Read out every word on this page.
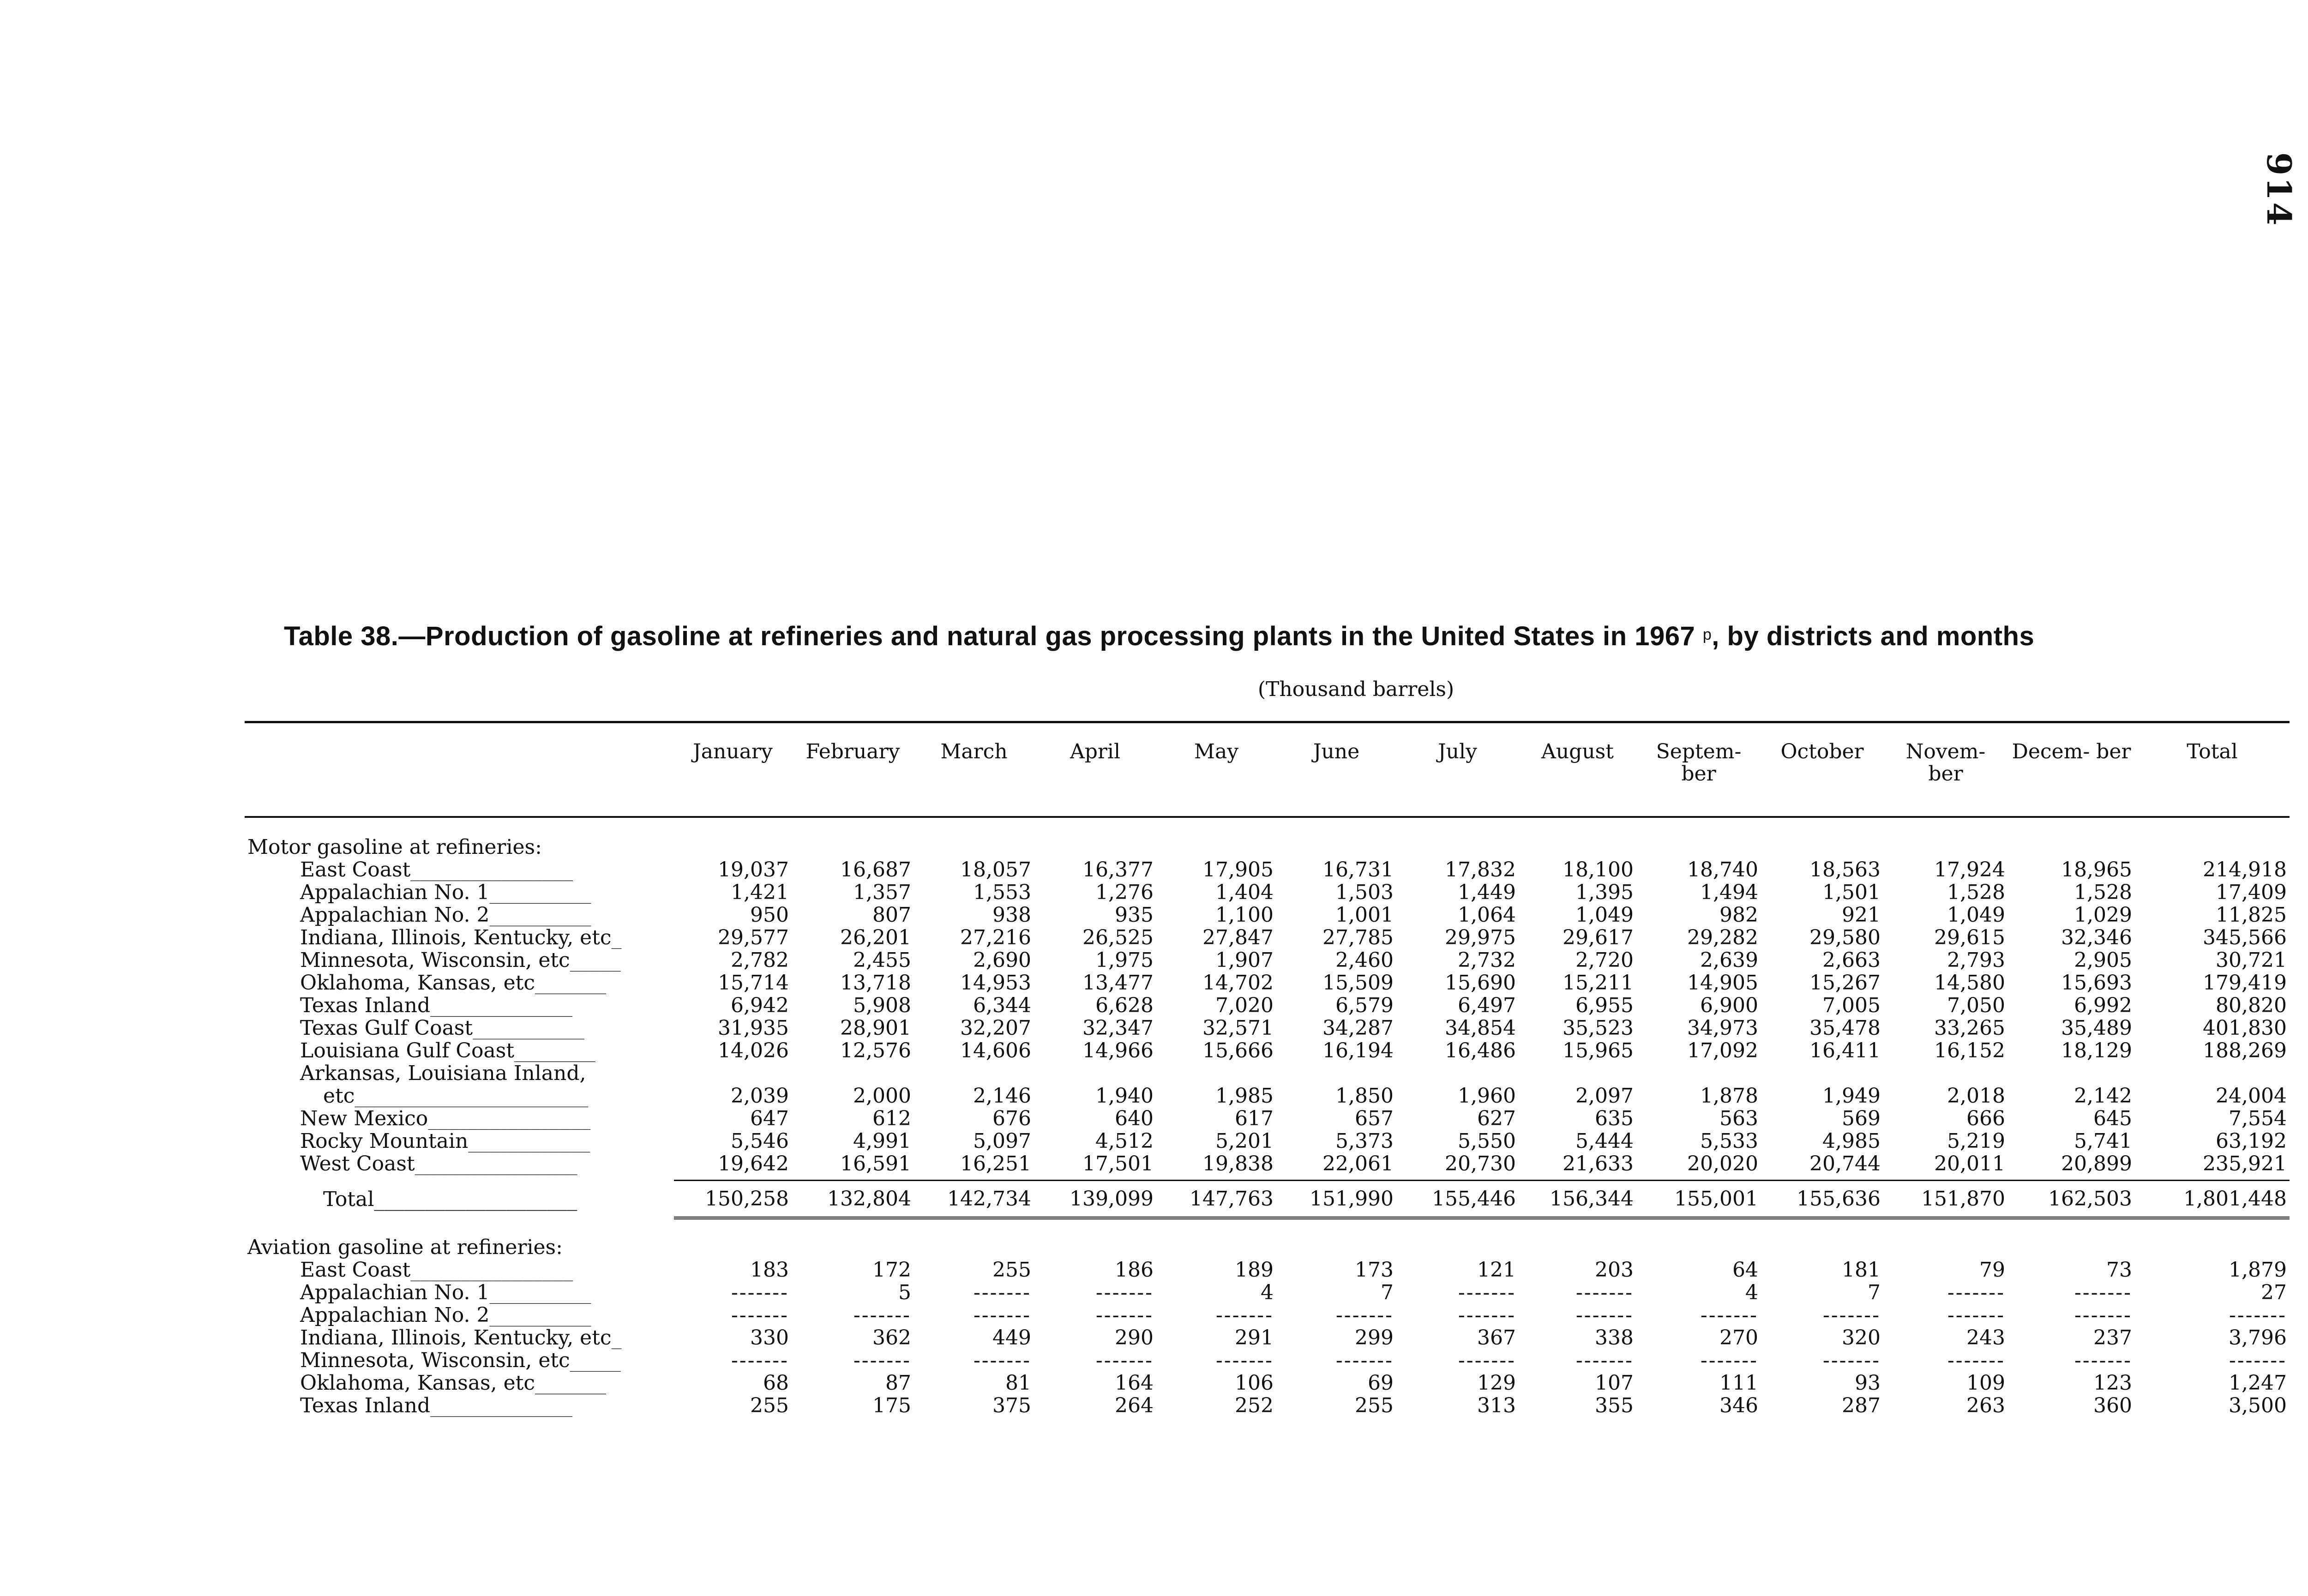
914
Table 38.—Production of gasoline at refineries and natural gas processing plants in the United States in 1967 $^p$, by districts and months
(Thousand barrels)
	January	February	March	April	May	June	July	August	Septem- ber	October	Novem- ber	Decem- ber	Total

Motor gasoline at refineries:													
East Coast________________	19,037	16,687	18,057	16,377	17,905	16,731	17,832	18,100	18,740	18,563	17,924	18,965	214,918
Appalachian No. 1__________	1,421	1,357	1,553	1,276	1,404	1,503	1,449	1,395	1,494	1,501	1,528	1,528	17,409
Appalachian No. 2__________	950	807	938	935	1,100	1,001	1,064	1,049	982	921	1,049	1,029	11,825
Indiana, Illinois, Kentucky, etc_	29,577	26,201	27,216	26,525	27,847	27,785	29,975	29,617	29,282	29,580	29,615	32,346	345,566
Minnesota, Wisconsin, etc_____	2,782	2,455	2,690	1,975	1,907	2,460	2,732	2,720	2,639	2,663	2,793	2,905	30,721
Oklahoma, Kansas, etc_______	15,714	13,718	14,953	13,477	14,702	15,509	15,690	15,211	14,905	15,267	14,580	15,693	179,419
Texas Inland______________	6,942	5,908	6,344	6,628	7,020	6,579	6,497	6,955	6,900	7,005	7,050	6,992	80,820
Texas Gulf Coast___________	31,935	28,901	32,207	32,347	32,571	34,287	34,854	35,523	34,973	35,478	33,265	35,489	401,830
Louisiana Gulf Coast________	14,026	12,576	14,606	14,966	15,666	16,194	16,486	15,965	17,092	16,411	16,152	18,129	188,269
Arkansas, Louisiana Inland,													
etc_______________________	2,039	2,000	2,146	1,940	1,985	1,850	1,960	2,097	1,878	1,949	2,018	2,142	24,004
New Mexico________________	647	612	676	640	617	657	627	635	563	569	666	645	7,554
Rocky Mountain____________	5,546	4,991	5,097	4,512	5,201	5,373	5,550	5,444	5,533	4,985	5,219	5,741	63,192
West Coast________________	19,642	16,591	16,251	17,501	19,838	22,061	20,730	21,633	20,020	20,744	20,011	20,899	235,921

Total____________________	150,258	132,804	142,734	139,099	147,763	151,990	155,446	156,344	155,001	155,636	151,870	162,503	1,801,448

Aviation gasoline at refineries:													
East Coast________________	183	172	255	186	189	173	121	203	64	181	79	73	1,879
Appalachian No. 1__________	-------	5	-------	-------	4	7	-------	-------	4	7	-------	-------	27
Appalachian No. 2__________	-------	-------	-------	-------	-------	-------	-------	-------	-------	-------	-------	-------	-------
Indiana, Illinois, Kentucky, etc_	330	362	449	290	291	299	367	338	270	320	243	237	3,796
Minnesota, Wisconsin, etc_____	-------	-------	-------	-------	-------	-------	-------	-------	-------	-------	-------	-------	-------
Oklahoma, Kansas, etc_______	68	87	81	164	106	69	129	107	111	93	109	123	1,247
Texas Inland______________	255	175	375	264	252	255	313	355	346	287	263	360	3,500
